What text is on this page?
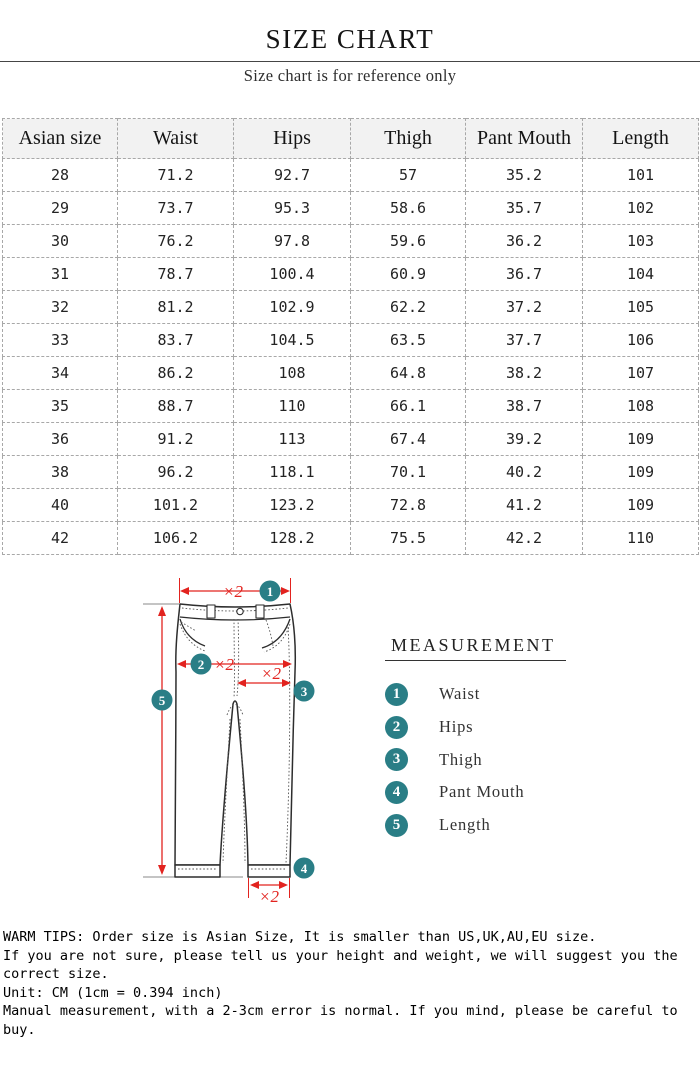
SIZE CHART
Size chart is for reference only
Asian size	Waist	Hips	Thigh	Pant Mouth	Length
28	71.2	92.7	57	35.2	101
29	73.7	95.3	58.6	35.7	102
30	76.2	97.8	59.6	36.2	103
31	78.7	100.4	60.9	36.7	104
32	81.2	102.9	62.2	37.2	105
33	83.7	104.5	63.5	37.7	106
34	86.2	108	64.8	38.2	107
35	88.7	110	66.1	38.7	108
36	91.2	113	67.4	39.2	109
38	96.2	118.1	70.1	40.2	109
40	101.2	123.2	72.8	41.2	109
42	106.2	128.2	75.5	42.2	110
×2
×2 ×2
×2
1
2
3
4
5
MEASUREMENT
1	Waist
2	Hips
3	Thigh
4	Pant Mouth
5	Length
WARM TIPS: Order size is Asian Size, It is smaller than US,UK,AU,EU size.
If you are not sure, please tell us your height and weight, we will suggest you the
correct size.
Unit: CM (1cm = 0.394 inch)
Manual measurement, with a 2-3cm error is normal. If you mind, please be careful to
buy.
